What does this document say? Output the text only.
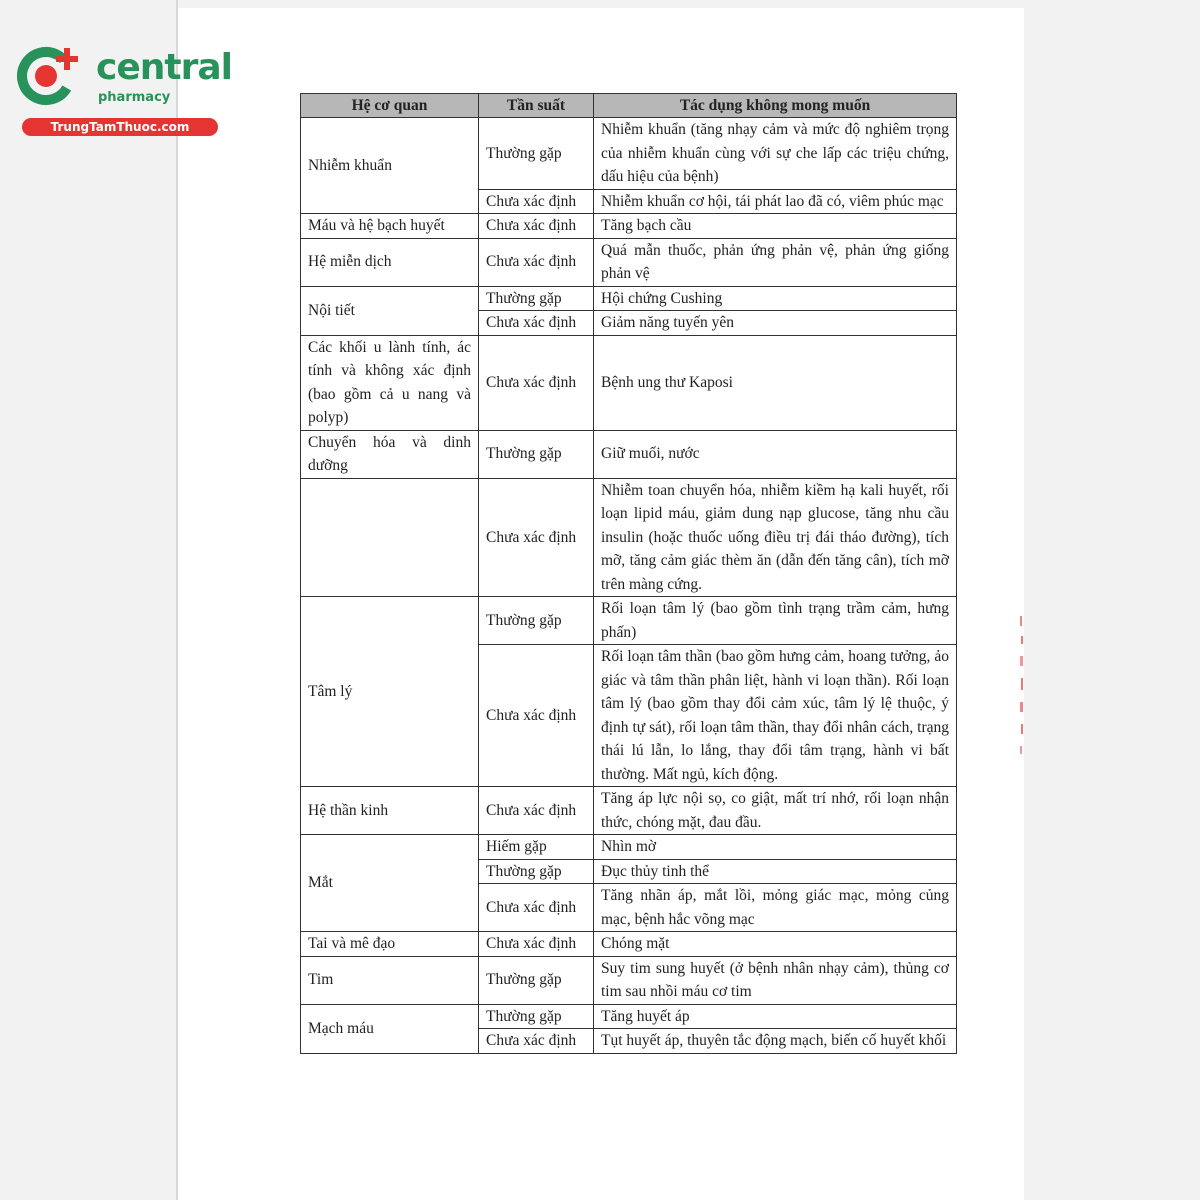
central
pharmacy
TrungTamThuoc.com
Hệ cơ quan	Tần suất	Tác dụng không mong muốn
Nhiễm khuẩn	Thường gặp	Nhiễm khuẩn (tăng nhạy cảm và mức độ nghiêm trọng của nhiễm khuẩn cùng với sự che lấp các triệu chứng, dấu hiệu của bệnh)
	Chưa xác định	Nhiễm khuẩn cơ hội, tái phát lao đã có, viêm phúc mạc
Máu và hệ bạch huyết	Chưa xác định	Tăng bạch cầu
Hệ miễn dịch	Chưa xác định	Quá mẫn thuốc, phản ứng phản vệ, phản ứng giống phản vệ
Nội tiết	Thường gặp	Hội chứng Cushing
	Chưa xác định	Giảm năng tuyến yên
Các khối u lành tính, ác tính và không xác định (bao gồm cả u nang và polyp)	Chưa xác định	Bệnh ung thư Kaposi
Chuyển hóa và dinh dưỡng	Thường gặp	Giữ muối, nước
	Chưa xác định	Nhiễm toan chuyển hóa, nhiễm kiềm hạ kali huyết, rối loạn lipid máu, giảm dung nạp glucose, tăng nhu cầu insulin (hoặc thuốc uống điều trị đái tháo đường), tích mỡ, tăng cảm giác thèm ăn (dẫn đến tăng cân), tích mỡ trên màng cứng.
Tâm lý	Thường gặp	Rối loạn tâm lý (bao gồm tình trạng trầm cảm, hưng phấn)
	Chưa xác định	Rối loạn tâm thần (bao gồm hưng cảm, hoang tưởng, ảo giác và tâm thần phân liệt, hành vi loạn thần). Rối loạn tâm lý (bao gồm thay đổi cảm xúc, tâm lý lệ thuộc, ý định tự sát), rối loạn tâm thần, thay đổi nhân cách, trạng thái lú lẫn, lo lắng, thay đổi tâm trạng, hành vi bất thường. Mất ngủ, kích động.
Hệ thần kinh	Chưa xác định	Tăng áp lực nội sọ, co giật, mất trí nhớ, rối loạn nhận thức, chóng mặt, đau đầu.
Mắt	Hiếm gặp	Nhìn mờ
	Thường gặp	Đục thủy tinh thể
	Chưa xác định	Tăng nhãn áp, mắt lồi, mỏng giác mạc, mỏng củng mạc, bệnh hắc võng mạc
Tai và mê đạo	Chưa xác định	Chóng mặt
Tim	Thường gặp	Suy tim sung huyết (ở bệnh nhân nhạy cảm), thủng cơ tim sau nhồi máu cơ tim
Mạch máu	Thường gặp	Tăng huyết áp
	Chưa xác định	Tụt huyết áp, thuyên tắc động mạch, biến cố huyết khối
